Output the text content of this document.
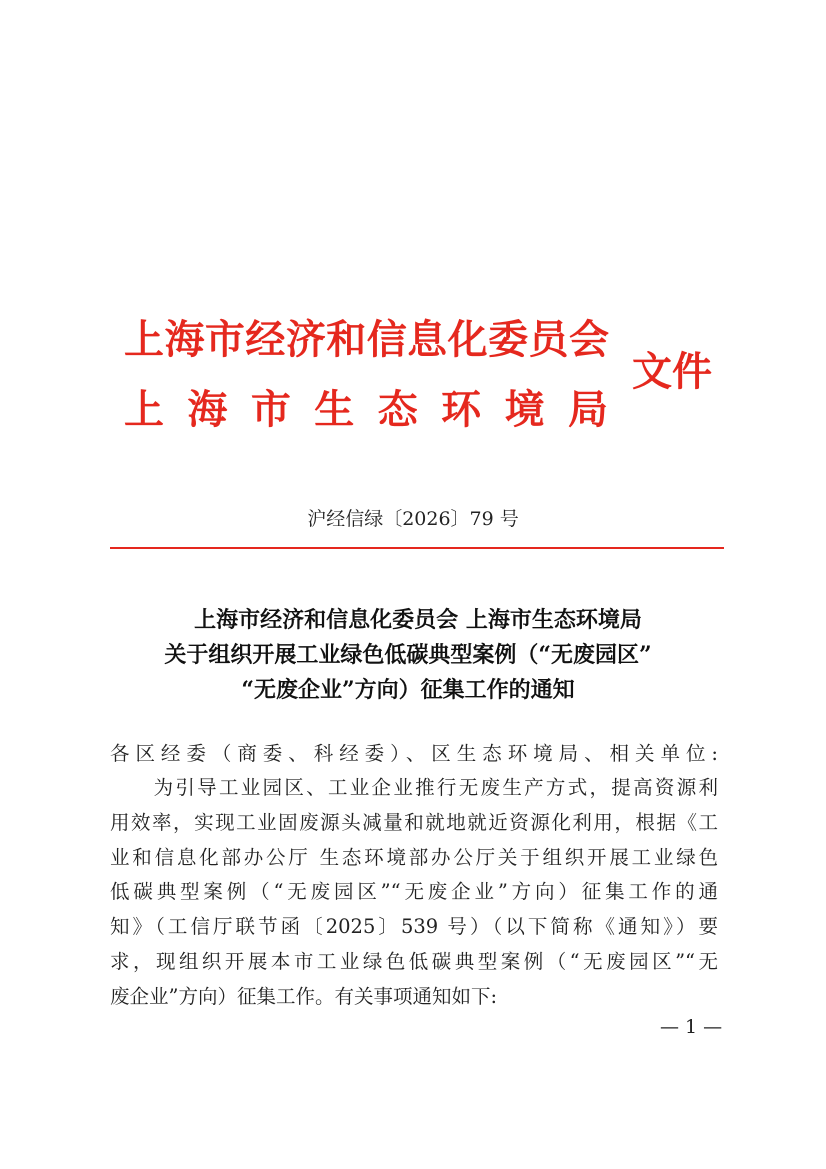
上海市经济和信息化委员会
上 海 市 生 态 环 境 局
文件
沪经信绿〔2026〕79 号
上海市经济和信息化委员会 上海市生态环境局
关于组织开展工业绿色低碳典型案例（“无废园区”
“无废企业”方向）征集工作的通知
各区经委（商委、科经委）、区生态环境局、相关单位:
　　为引导工业园区、工业企业推行无废生产方式，提高资源利
用效率，实现工业固废源头减量和就地就近资源化利用，根据《工
业和信息化部办公厅 生态环境部办公厅关于组织开展工业绿色
低碳典型案例（“无废园区”“无废企业”方向）征集工作的通
知》（工信厅联节函〔2025〕539 号）（以下简称《通知》）要
求，现组织开展本市工业绿色低碳典型案例（“无废园区”“无
废企业”方向）征集工作。有关事项通知如下:
— 1 —
